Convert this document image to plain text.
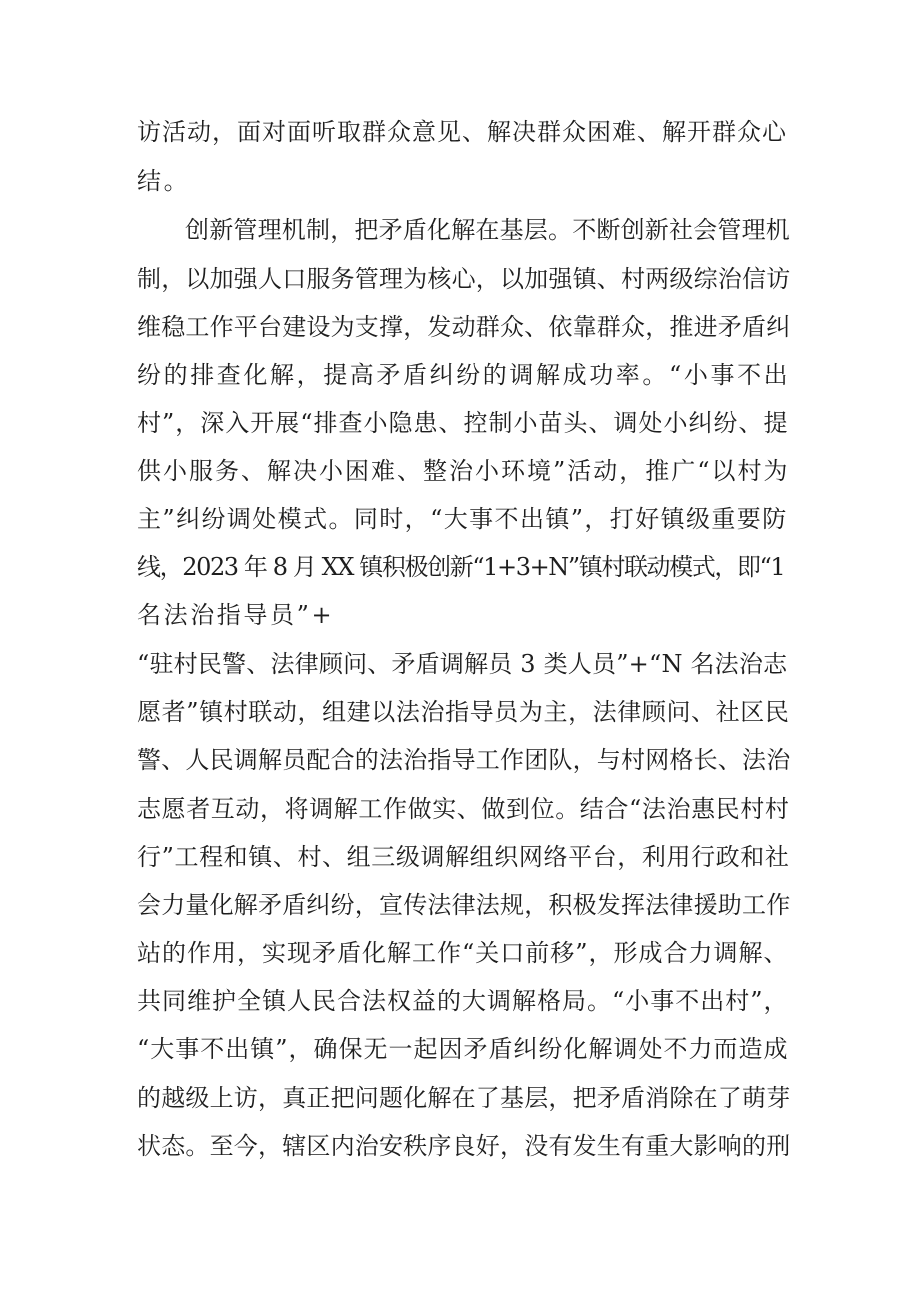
访活动，面对面听取群众意见、解决群众困难、解开群众心

结。

创新管理机制，把矛盾化解在基层。不断创新社会管理机

制，以加强人口服务管理为核心，以加强镇、村两级综治信访

维稳工作平台建设为支撑，发动群众、依靠群众，推进矛盾纠

纷的排查化解，提高矛盾纠纷的调解成功率。“小事不出

村”，深入开展“排查小隐患、控制小苗头、调处小纠纷、提

供小服务、解决小困难、整治小环境”活动，推广“以村为

主”纠纷调处模式。同时，“大事不出镇”，打好镇级重要防

线，2023 年 8 月 XX 镇积极创新“1+3+N”镇村联动模式，即“1

名法治指导员”+

“驻村民警、法律顾问、矛盾调解员 3 类人员”+“N 名法治志

愿者”镇村联动，组建以法治指导员为主，法律顾问、社区民

警、人民调解员配合的法治指导工作团队，与村网格长、法治

志愿者互动，将调解工作做实、做到位。结合“法治惠民村村

行”工程和镇、村、组三级调解组织网络平台，利用行政和社

会力量化解矛盾纠纷，宣传法律法规，积极发挥法律援助工作

站的作用，实现矛盾化解工作“关口前移”，形成合力调解、

共同维护全镇人民合法权益的大调解格局。“小事不出村”，

“大事不出镇”，确保无一起因矛盾纠纷化解调处不力而造成

的越级上访，真正把问题化解在了基层，把矛盾消除在了萌芽

状态。至今，辖区内治安秩序良好，没有发生有重大影响的刑
